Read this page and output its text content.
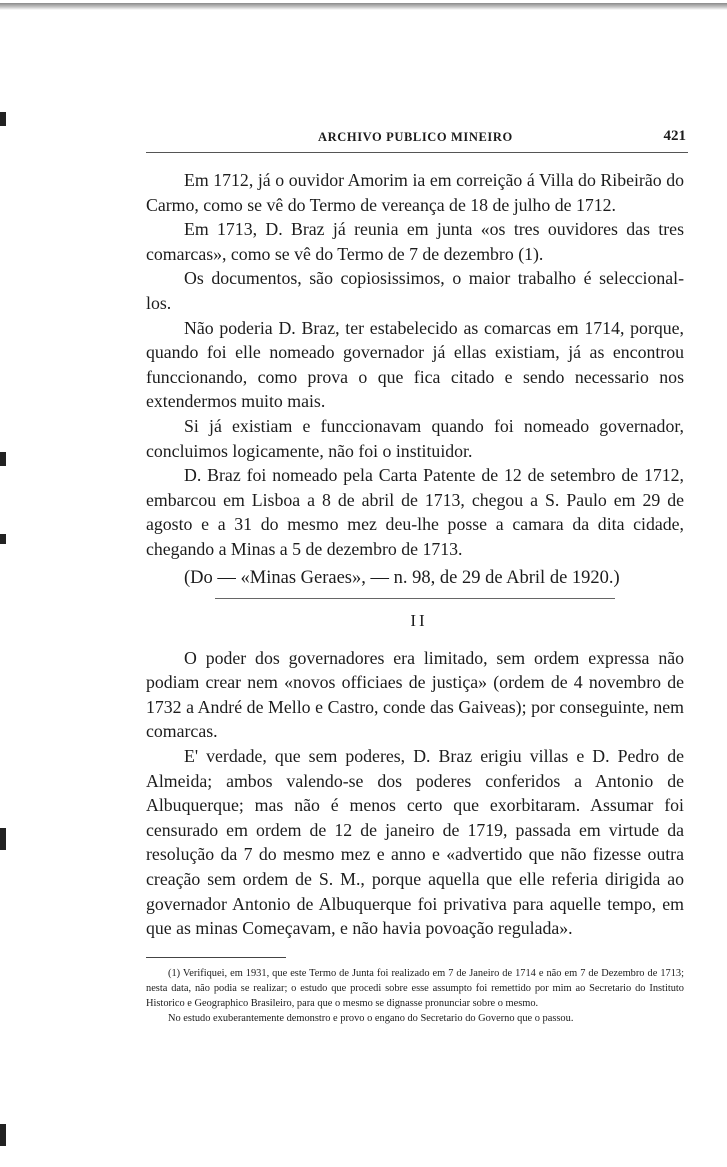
ARCHIVO PUBLICO MINEIRO	421

Em 1712, já o ouvidor Amorim ia em correição á Villa do Ribeirão do Carmo, como se vê do Termo de vereança de 18 de julho de 1712.

Em 1713, D. Braz já reunia em junta «os tres ouvidores das tres comarcas», como se vê do Termo de 7 de dezembro (1).

Os documentos, são copiosissimos, o maior trabalho é seleccional-los.

Não poderia D. Braz, ter estabelecido as comarcas em 1714, porque, quando foi elle nomeado governador já ellas existiam, já as encontrou funccionando, como prova o que fica citado e sendo necessario nos extendermos muito mais.

Si já existiam e funccionavam quando foi nomeado governador, concluimos logicamente, não foi o instituidor.

D. Braz foi nomeado pela Carta Patente de 12 de setembro de 1712, embarcou em Lisboa a 8 de abril de 1713, chegou a S. Paulo em 29 de agosto e a 31 do mesmo mez deu-lhe posse a camara da dita cidade, chegando a Minas a 5 de dezembro de 1713.

(Do — «Minas Geraes», — n. 98, de 29 de Abril de 1920.)

II

O poder dos governadores era limitado, sem ordem expressa não podiam crear nem «novos officiaes de justiça» (ordem de 4 novembro de 1732 a André de Mello e Castro, conde das Gaiveas); por conseguinte, nem comarcas.

E' verdade, que sem poderes, D. Braz erigiu villas e D. Pedro de Almeida; ambos valendo-se dos poderes conferidos a Antonio de Albuquerque; mas não é menos certo que exorbitaram. Assumar foi censurado em ordem de 12 de janeiro de 1719, passada em virtude da resolução da 7 do mesmo mez e anno e «advertido que não fizesse outra creação sem ordem de S. M., porque aquella que elle referia dirigida ao governador Antonio de Albuquerque foi privativa para aquelle tempo, em que as minas Começavam, e não havia povoação regulada».

(1) Verifiquei, em 1931, que este Termo de Junta foi realizado em 7 de Janeiro de 1714 e não em 7 de Dezembro de 1713; nesta data, não podia se realizar; o estudo que procedi sobre esse assumpto foi remettido por mim ao Secretario do Instituto Historico e Geographico Brasileiro, para que o mesmo se dignasse pronunciar sobre o mesmo.

No estudo exuberantemente demonstro e provo o engano do Secretario do Governo que o passou.
